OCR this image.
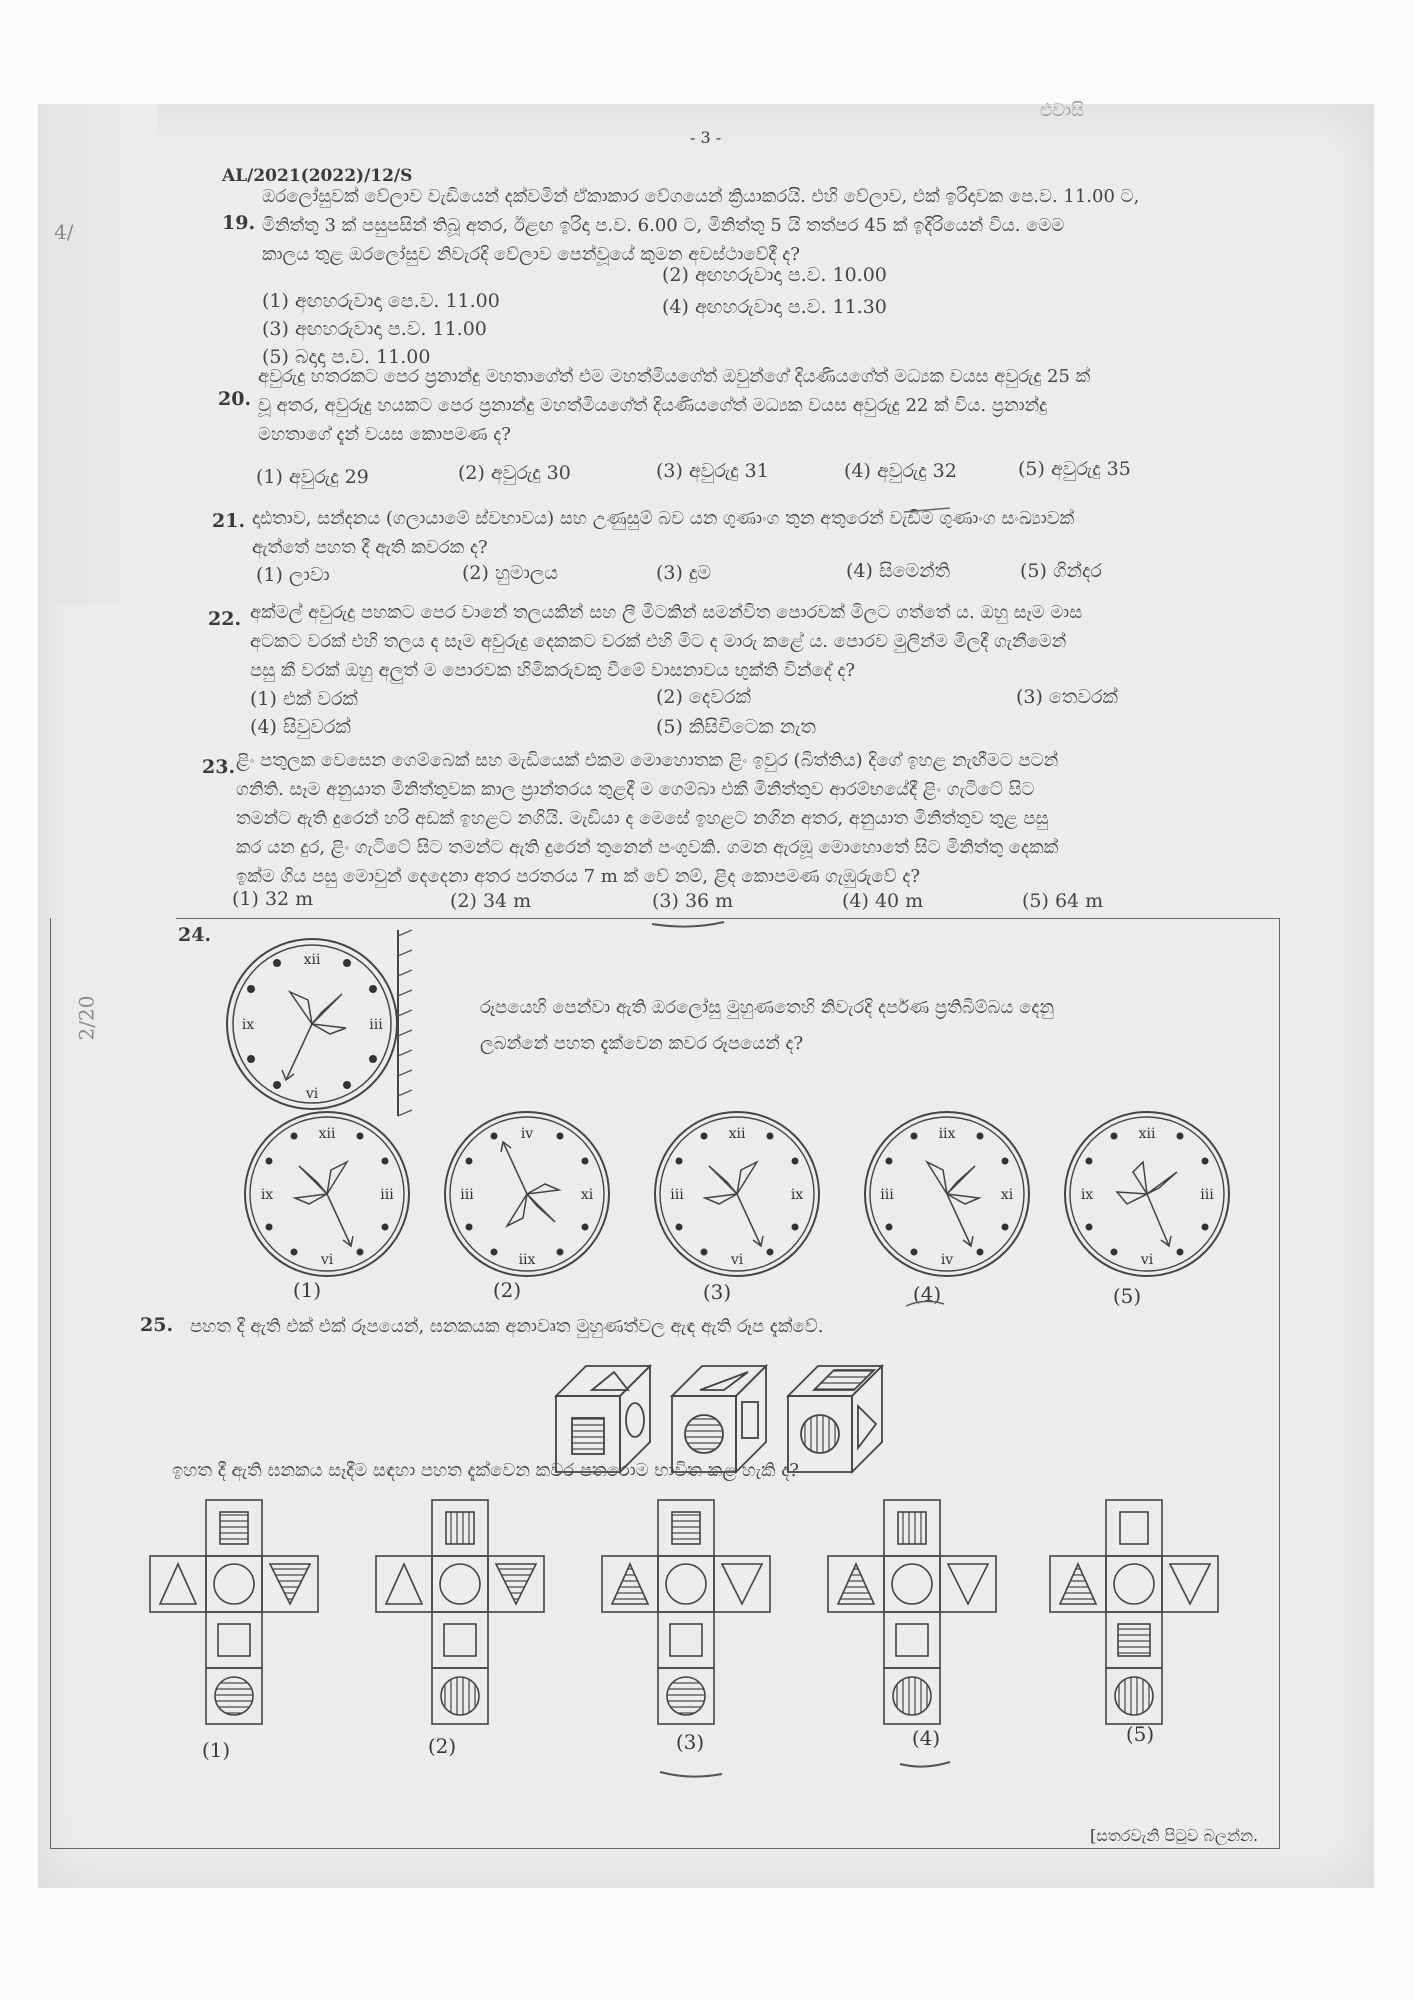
- 3 -
ළුවාසි
AL/2021(2022)/12/S
19.
ඔරලෝසුවක් වේලාව වැඩියෙන් දක්වමින් ඒකාකාර වේගයෙන් ක්‍රියාකරයි. එහි වේලාව, එක් ඉරිදාවක පෙ.ව. 11.00 ට,
මිනිත්තු 3 ක් පසුපසින් තිබූ අතර, ඊළඟ ඉරිදා ප.ව. 6.00 ට, මිනිත්තු 5 යි තත්පර 45 ක් ඉදිරියෙන් විය. මෙම
කාලය තුළ ඔරලෝසුව නිවැරදි වේලාව පෙන්වූයේ කුමන අවස්ථාවේදී ද?
(1) අඟහරුවාදා පෙ.ව. 11.00
(2) අඟහරුවාදා ප.ව. 10.00
(3) අඟහරුවාදා ප.ව. 11.00
(4) අඟහරුවාදා ප.ව. 11.30
(5) බදාදා ප.ව. 11.00
20.
අවුරුදු හතරකට පෙර ප්‍රනාන්දු මහතාගේත් එම මහත්මියගේත් ඔවුන්ගේ දියණියගේත් මධ්‍යක වයස අවුරුදු 25 ක්
වූ අතර, අවුරුදු හයකට පෙර ප්‍රනාන්දු මහත්මියගේත් දියණියගේත් මධ්‍යක වයස අවුරුදු 22 ක් විය. ප්‍රනාන්දු
මහතාගේ දැන් වයස කොපමණ ද?
(1) අවුරුදු 29	(2) අවුරුදු 30	(3) අවුරුදු 31	(4) අවුරුදු 32	(5) අවුරුදු 35
21. දෘඪතාව, සන්දනය (ගලායාමේ ස්වභාවය) සහ උණුසුම් බව යන ගුණාංග තුන අතුරෙන් වැඩිම ගුණාංග සංඛ්‍යාවක්
ඇත්තේ පහත දී ඇති කවරක ද?
(1) ලාවා	(2) හුමාලය	(3) දුම	(4) සිමෙන්ති	(5) ගින්දර
22. අක්මල් අවුරුදු පහකට පෙර වානේ තලයකින් සහ ලී මිටකින් සමන්විත පොරවක් මිලට ගත්තේ ය. ඔහු සෑම මාස
අටකට වරක් එහි තලය ද සෑම අවුරුදු දෙකකට වරක් එහි මිට ද මාරු කළේ ය. පොරව මුලින්ම මිලදී ගැනීමෙන්
පසු කී වරක් ඔහු අලුත් ම පොරවක හිමිකරුවකු වීමේ වාසනාවය භුක්ති වින්දේ ද?
(1) එක් වරක්	(2) දෙවරක්	(3) තෙවරක්
(4) සිවුවරක්	(5) කිසිවිටෙක නැත
23. ළිං පතුලක වෙසෙන ගෙම්බෙක් සහ මැඩියෙක් එකම මොහොතක ළිං ඉවුර (බිත්තිය) දිගේ ඉහළ නැඟීමට පටන්
ගනිති. සෑම අනුයාත මිනිත්තුවක කාල ප්‍රාන්තරය තුළදී ම ගෙම්බා එකී මිනිත්තුව ආරම්භයේදී ළිං ගැටිටේ සිට
තමන්ට ඇති දුරෙන් හරි අඩක් ඉහළට නගියි. මැඩියා ද මෙසේ ඉහළට නගින අතර, අනුයාත මිනිත්තුව තුළ පසු
කර යන දුර, ළිං ගැටිටේ සිට තමන්ට ඇති දුරෙන් තුනෙන් පංගුවකි. ගමන ඇරඹූ මොහොතේ සිට මිනිත්තු දෙකක්
ඉක්ම ගිය පසු මොවුන් දෙදෙනා අතර පරතරය 7 m ක් වේ නම්, ළිද කොපමණ ගැඹුරුවේ ද?
(1) 32 m	(2) 34 m	(3) 36 m	(4) 40 m	(5) 64 m
24.
රූපයෙහි පෙන්වා ඇති ඔරලෝසු මුහුණතෙහි නිවැරදි දර්පණ ප්‍රතිබිම්බය දෙනු
ලබන්නේ පහත දැක්වෙන කවර රූපයෙන් ද?
xii
iii
vi
ix
xii
iii
vi
ix
iv
xi
iix
iii
xii
ix
vi
iii
iix
xi
iv
iii
xii
iii
vi
ix
(1)	(2)	(3)	(4)	(5)
25. පහත දී ඇති එක් එක් රූපයෙන්, ඝනකයක අනාවෘත මුහුණත්වල ඇඳ ඇති රූප දැක්වේ.
ඉහත දී ඇති ඝනකය සෑදීම සඳහා පහත දැක්වෙන කවර පතරොම භාවිත කළ හැකි ද?
(1)	(2)	(3)	(4)	(5)
[සතරවැනි පිටුව බලන්න.
4/
2/20
